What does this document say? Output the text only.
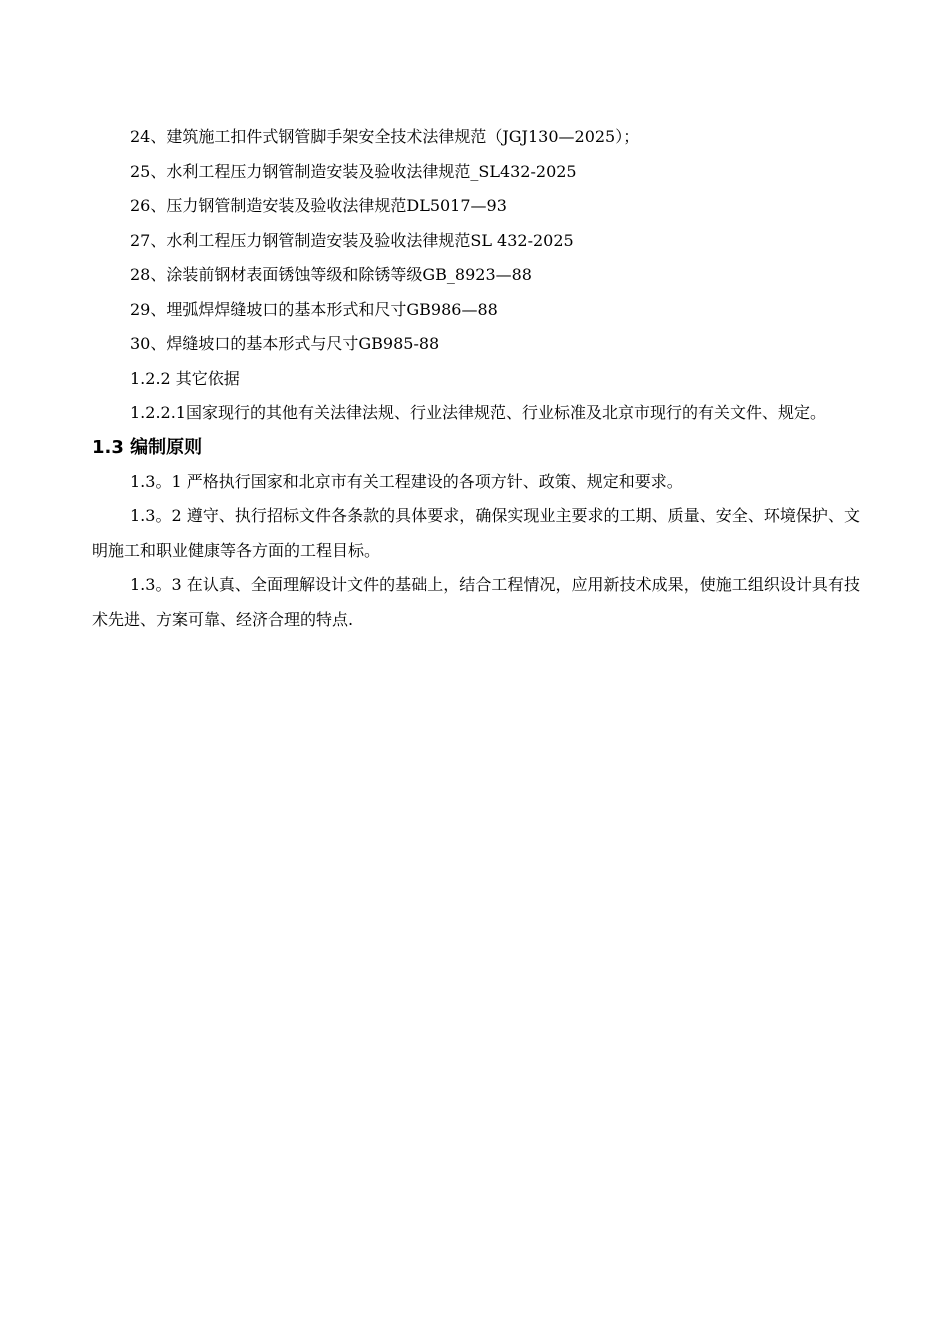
24、建筑施工扣件式钢管脚手架安全技术法律规范（JGJ130—2025）；
25、水利工程压力钢管制造安装及验收法律规范_SL432-2025
26、压力钢管制造安装及验收法律规范DL5017—93
27、水利工程压力钢管制造安装及验收法律规范SL 432-2025
28、涂装前钢材表面锈蚀等级和除锈等级GB_8923—88
29、埋弧焊焊缝坡口的基本形式和尺寸GB986—88
30、焊缝坡口的基本形式与尺寸GB985-88

1.2.2 其它依据

1.2.2.1国家现行的其他有关法律法规、行业法律规范、行业标准及北京市现行的有关文件、规定。

1.3 编制原则

1.3。1 严格执行国家和北京市有关工程建设的各项方针、政策、规定和要求。

1.3。2 遵守、执行招标文件各条款的具体要求，确保实现业主要求的工期、质量、安全、环境保护、文明施工和职业健康等各方面的工程目标。

1.3。3 在认真、全面理解设计文件的基础上，结合工程情况，应用新技术成果，使施工组织设计具有技术先进、方案可靠、经济合理的特点.
